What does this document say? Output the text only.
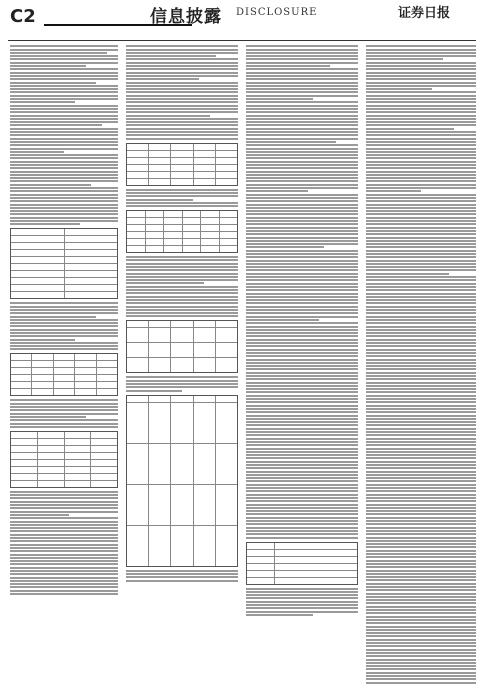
C2	信息披露 DISCLOSURE	证券日报
